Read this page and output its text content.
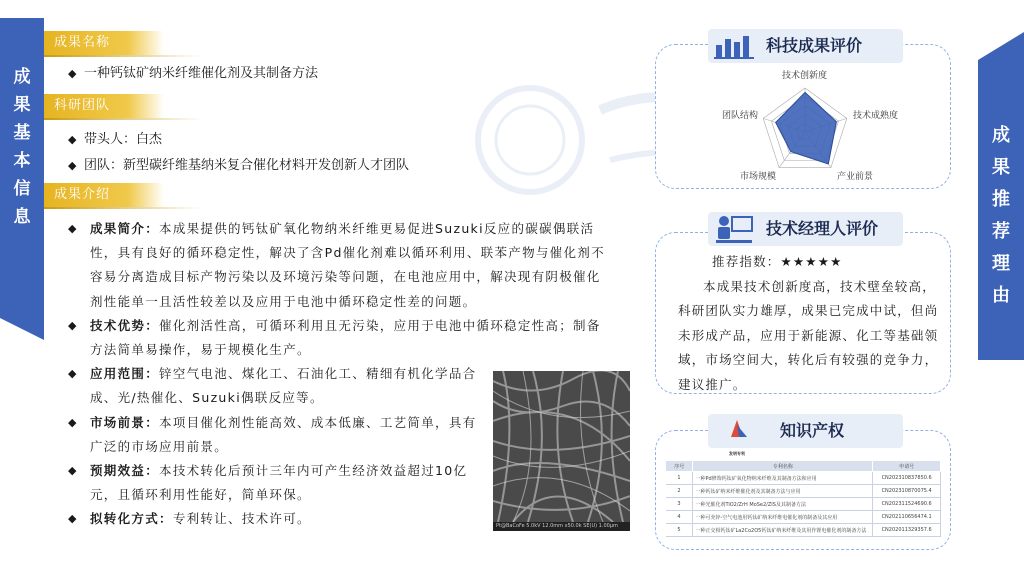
成
果
基
本
信
息
成
果
推
荐
理
由
成果名称
◆ 一种钙钛矿纳米纤维催化剂及其制备方法
科研团队
◆ 带头人：白杰
◆ 团队：新型碳纤维基纳米复合催化材料开发创新人才团队
成果介绍
◆ 成果简介：本成果提供的钙钛矿氧化物纳米纤维更易促进Suzuki反应的碳碳偶联活性，具有良好的循环稳定性，解决了含Pd催化剂难以循环利用、联苯产物与催化剂不容易分离造成目标产物污染以及环境污染等问题，在电池应用中，解决现有阴极催化剂性能单一且活性较差以及应用于电池中循环稳定性差的问题。
◆ 技术优势：催化剂活性高，可循环利用且无污染，应用于电池中循环稳定性高；制备方法简单易操作，易于规模化生产。
◆ 应用范围：锌空气电池、煤化工、石油化工、精细有机化学品合成、光/热催化、Suzuki偶联反应等。
◆ 市场前景：本项目催化剂性能高效、成本低廉、工艺简单，具有广泛的市场应用前景。
◆ 预期效益：本技术转化后预计三年内可产生经济效益超过10亿元，且循环利用性能好，简单环保。
◆ 拟转化方式：专利转让、技术许可。	Pt@BaCoFe 5.0kV 12.0mm x50.0k SE(U) 1.00μm
科技成果评价
技术创新度
技术成熟度
产业前景
市场规模
团队结构
技术经理人评价
推荐指数：★★★★★
本成果技术创新度高，技术壁垒较高，科研团队实力雄厚，成果已完成中试，但尚未形成产品，应用于新能源、化工等基础领域，市场空间大，转化后有较强的竞争力，建议推广。
发明专利
知识产权
序号	专利名称	申请号
1	一种Pd修饰钙钛矿氧化物纳米纤维及其制备方法和应用	CN202310837850.6
2	一种钙钛矿纳米纤维催化剂及其制备方法与应用	CN202310870075.4
3	一种光催化剂TiO2/ZrH MoSe2/ZIS及其制备方法	CN202311524690.6
4	一种可充锌-空气电池用钙钛矿纳米纤维电催化剂的制备及其应用	CN202110656474.1
5	一种正交相钙钛矿La2Co2O5钙钛矿纳米纤维及其用作锂电催化剂的制备方法	CN202011329357.6
